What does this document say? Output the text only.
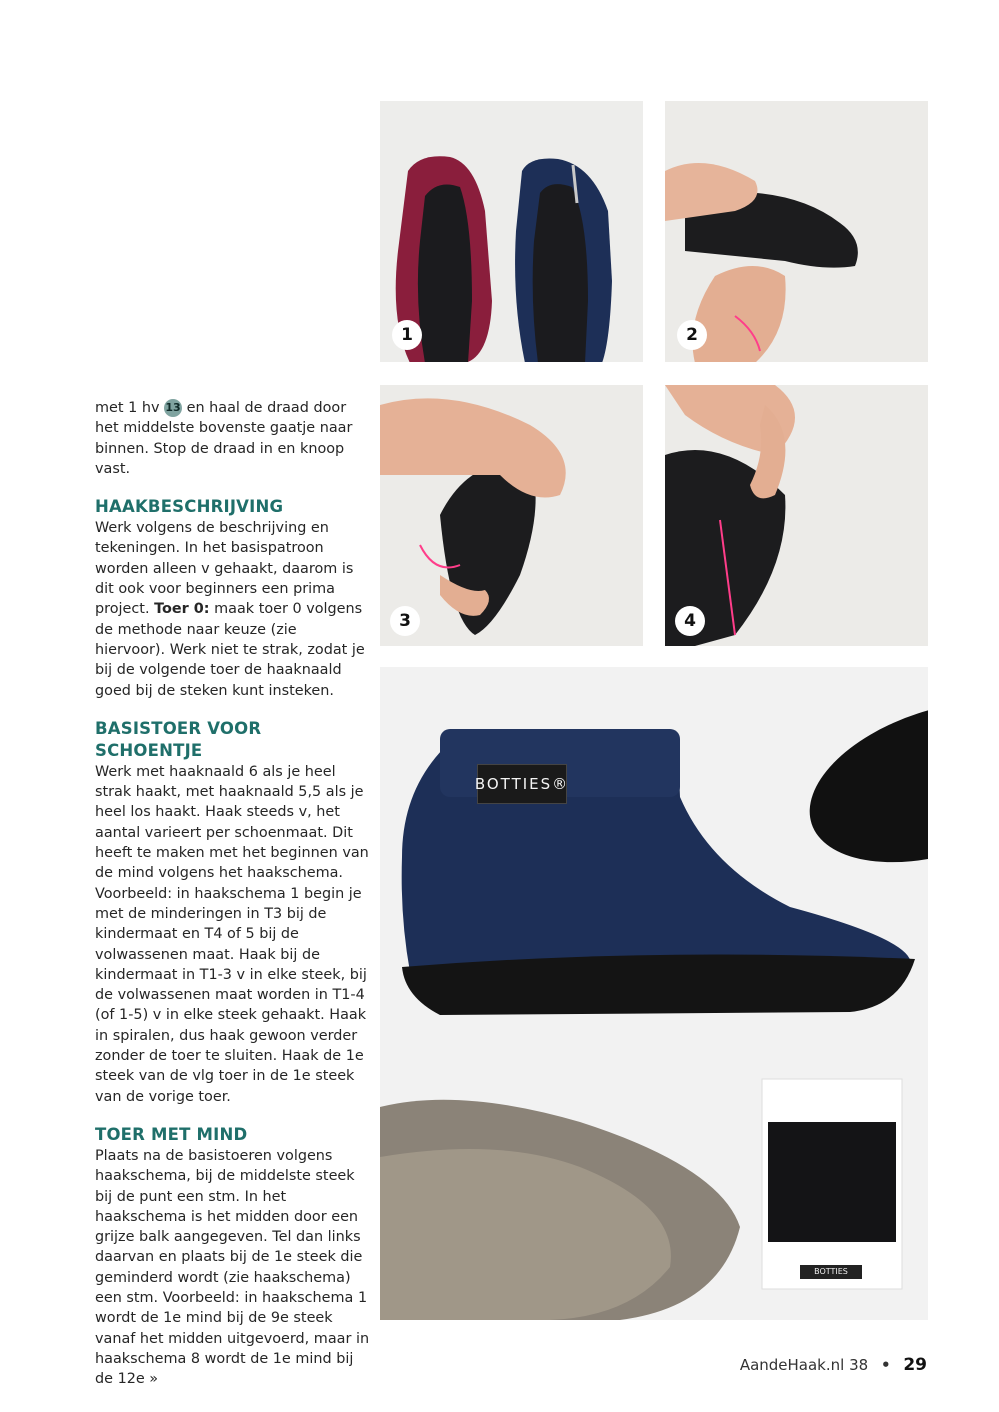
1	2
3	4
BOTTIES®
BOTTIES

met 1 hv 13 en haal de draad door het middelste bovenste gaatje naar binnen. Stop de draad in en knoop vast.

HAAKBESCHRIJVING

Werk volgens de beschrijving en tekeningen. In het basispatroon worden alleen v gehaakt, daarom is dit ook voor beginners een prima project. Toer 0: maak toer 0 volgens de methode naar keuze (zie hiervoor). Werk niet te strak, zodat je bij de volgende toer de haaknaald goed bij de steken kunt insteken.

BASISTOER VOOR SCHOENTJE

Werk met haaknaald 6 als je heel strak haakt, met haaknaald 5,5 als je heel los haakt. Haak steeds v, het aantal varieert per schoenmaat. Dit heeft te maken met het beginnen van de mind volgens het haakschema. Voorbeeld: in haakschema 1 begin je met de minderingen in T3 bij de kindermaat en T4 of 5 bij de volwassenen maat. Haak bij de kindermaat in T1-3 v in elke steek, bij de volwassenen maat worden in T1-4 (of 1-5) v in elke steek gehaakt. Haak in spiralen, dus haak gewoon verder zonder de toer te sluiten. Haak de 1e steek van de vlg toer in de 1e steek van de vorige toer.

TOER MET MIND

Plaats na de basistoeren volgens haakschema, bij de middelste steek bij de punt een stm. In het haakschema is het midden door een grijze balk aangegeven. Tel dan links daarvan en plaats bij de 1e steek die geminderd wordt (zie haakschema) een stm. Voorbeeld: in haakschema 1 wordt de 1e mind bij de 9e steek vanaf het midden uitgevoerd, maar in haakschema 8 wordt de 1e mind bij de 12e »

AandeHaak.nl 38 • 29
